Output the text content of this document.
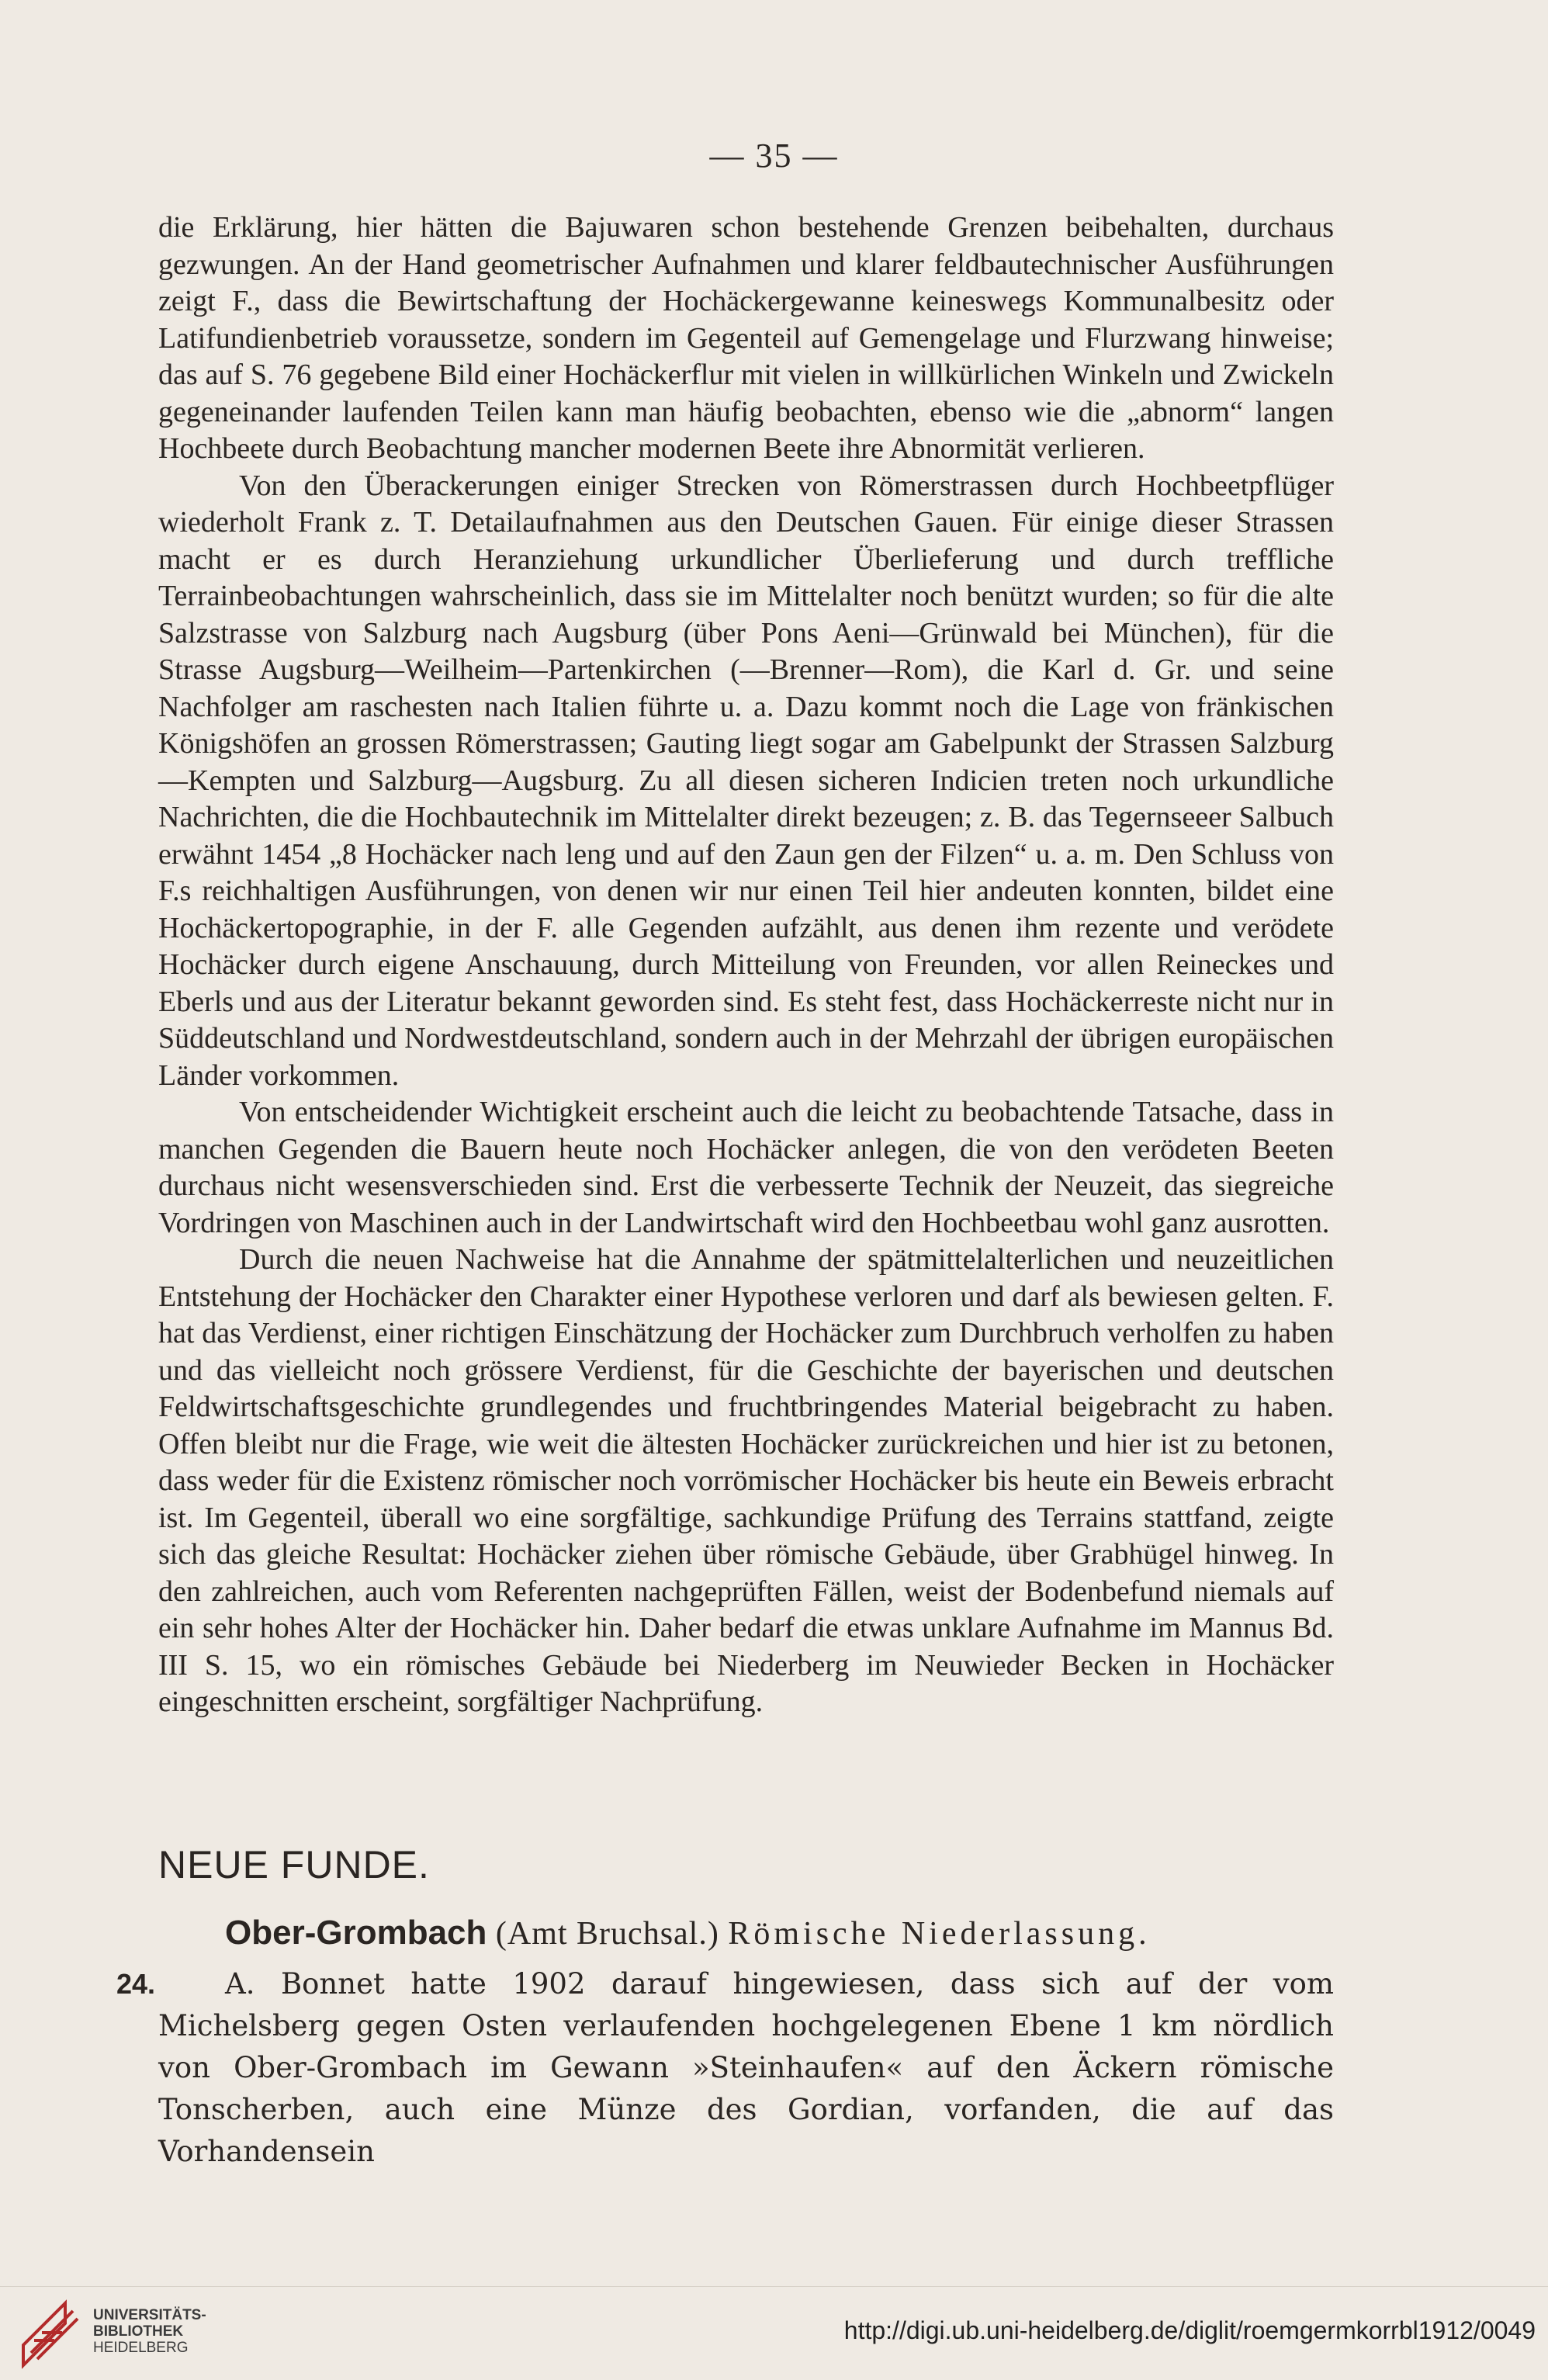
— 35 —

die Erklärung, hier hätten die Bajuwaren schon bestehende Grenzen beibehalten, durchaus gezwungen. An der Hand geometrischer Aufnahmen und klarer feldbautechnischer Ausführungen zeigt F., dass die Bewirtschaftung der Hochäckergewanne keineswegs Kommunalbesitz oder Latifundienbetrieb voraussetze, sondern im Gegenteil auf Gemengelage und Flurzwang hinweise; das auf S. 76 gegebene Bild einer Hochäckerflur mit vielen in willkürlichen Winkeln und Zwickeln gegeneinander laufenden Teilen kann man häufig beobachten, ebenso wie die „abnorm“ langen Hochbeete durch Beobachtung mancher modernen Beete ihre Abnormität verlieren.

Von den Überackerungen einiger Strecken von Römerstrassen durch Hochbeetpflüger wiederholt Frank z. T. Detailaufnahmen aus den Deutschen Gauen. Für einige dieser Strassen macht er es durch Heranziehung urkundlicher Überlieferung und durch treffliche Terrainbeobachtungen wahrscheinlich, dass sie im Mittelalter noch benützt wurden; so für die alte Salzstrasse von Salzburg nach Augsburg (über Pons Aeni—Grünwald bei München), für die Strasse Augsburg—Weilheim—Partenkirchen (—Brenner—Rom), die Karl d. Gr. und seine Nachfolger am raschesten nach Italien führte u. a. Dazu kommt noch die Lage von fränkischen Königshöfen an grossen Römerstrassen; Gauting liegt sogar am Gabelpunkt der Strassen Salzburg—Kempten und Salzburg—Augsburg. Zu all diesen sicheren Indicien treten noch urkundliche Nachrichten, die die Hochbautechnik im Mittelalter direkt bezeugen; z. B. das Tegernseeer Salbuch erwähnt 1454 „8 Hochäcker nach leng und auf den Zaun gen der Filzen“ u. a. m. Den Schluss von F.s reichhaltigen Ausführungen, von denen wir nur einen Teil hier andeuten konnten, bildet eine Hochäckertopographie, in der F. alle Gegenden aufzählt, aus denen ihm rezente und verödete Hochäcker durch eigene Anschauung, durch Mitteilung von Freunden, vor allen Reineckes und Eberls und aus der Literatur bekannt geworden sind. Es steht fest, dass Hochäckerreste nicht nur in Süddeutschland und Nordwestdeutschland, sondern auch in der Mehrzahl der übrigen europäischen Länder vorkommen.

Von entscheidender Wichtigkeit erscheint auch die leicht zu beobachtende Tatsache, dass in manchen Gegenden die Bauern heute noch Hochäcker anlegen, die von den verödeten Beeten durchaus nicht wesensverschieden sind. Erst die verbesserte Technik der Neuzeit, das siegreiche Vordringen von Maschinen auch in der Landwirtschaft wird den Hochbeetbau wohl ganz ausrotten.

Durch die neuen Nachweise hat die Annahme der spätmittelalterlichen und neuzeitlichen Entstehung der Hochäcker den Charakter einer Hypothese verloren und darf als bewiesen gelten. F. hat das Verdienst, einer richtigen Einschätzung der Hochäcker zum Durchbruch verholfen zu haben und das vielleicht noch grössere Verdienst, für die Geschichte der bayerischen und deutschen Feldwirtschaftsgeschichte grundlegendes und fruchtbringendes Material beigebracht zu haben. Offen bleibt nur die Frage, wie weit die ältesten Hochäcker zurückreichen und hier ist zu betonen, dass weder für die Existenz römischer noch vorrömischer Hochäcker bis heute ein Beweis erbracht ist. Im Gegenteil, überall wo eine sorgfältige, sachkundige Prüfung des Terrains stattfand, zeigte sich das gleiche Resultat: Hochäcker ziehen über römische Gebäude, über Grabhügel hinweg. In den zahlreichen, auch vom Referenten nachgeprüften Fällen, weist der Bodenbefund niemals auf ein sehr hohes Alter der Hochäcker hin. Daher bedarf die etwas unklare Aufnahme im Mannus Bd. III S. 15, wo ein römisches Gebäude bei Niederberg im Neuwieder Becken in Hochäcker eingeschnitten erscheint, sorgfältiger Nachprüfung.

NEUE FUNDE.
Ober-Grombach (Amt Bruchsal.) Römische Niederlassung.
24.	A. Bonnet hatte 1902 darauf hingewiesen, dass sich auf der vom Michelsberg gegen Osten verlaufenden hochgelegenen Ebene 1 km nördlich von Ober-Grombach im Gewann »Steinhaufen« auf den Äckern römische Tonscherben, auch eine Münze des Gordian, vorfanden, die auf das Vorhandensein

UNIVERSITÄTS-
BIBLIOTHEK
HEIDELBERG
http://digi.ub.uni-heidelberg.de/diglit/roemgermkorrbl1912/0049
